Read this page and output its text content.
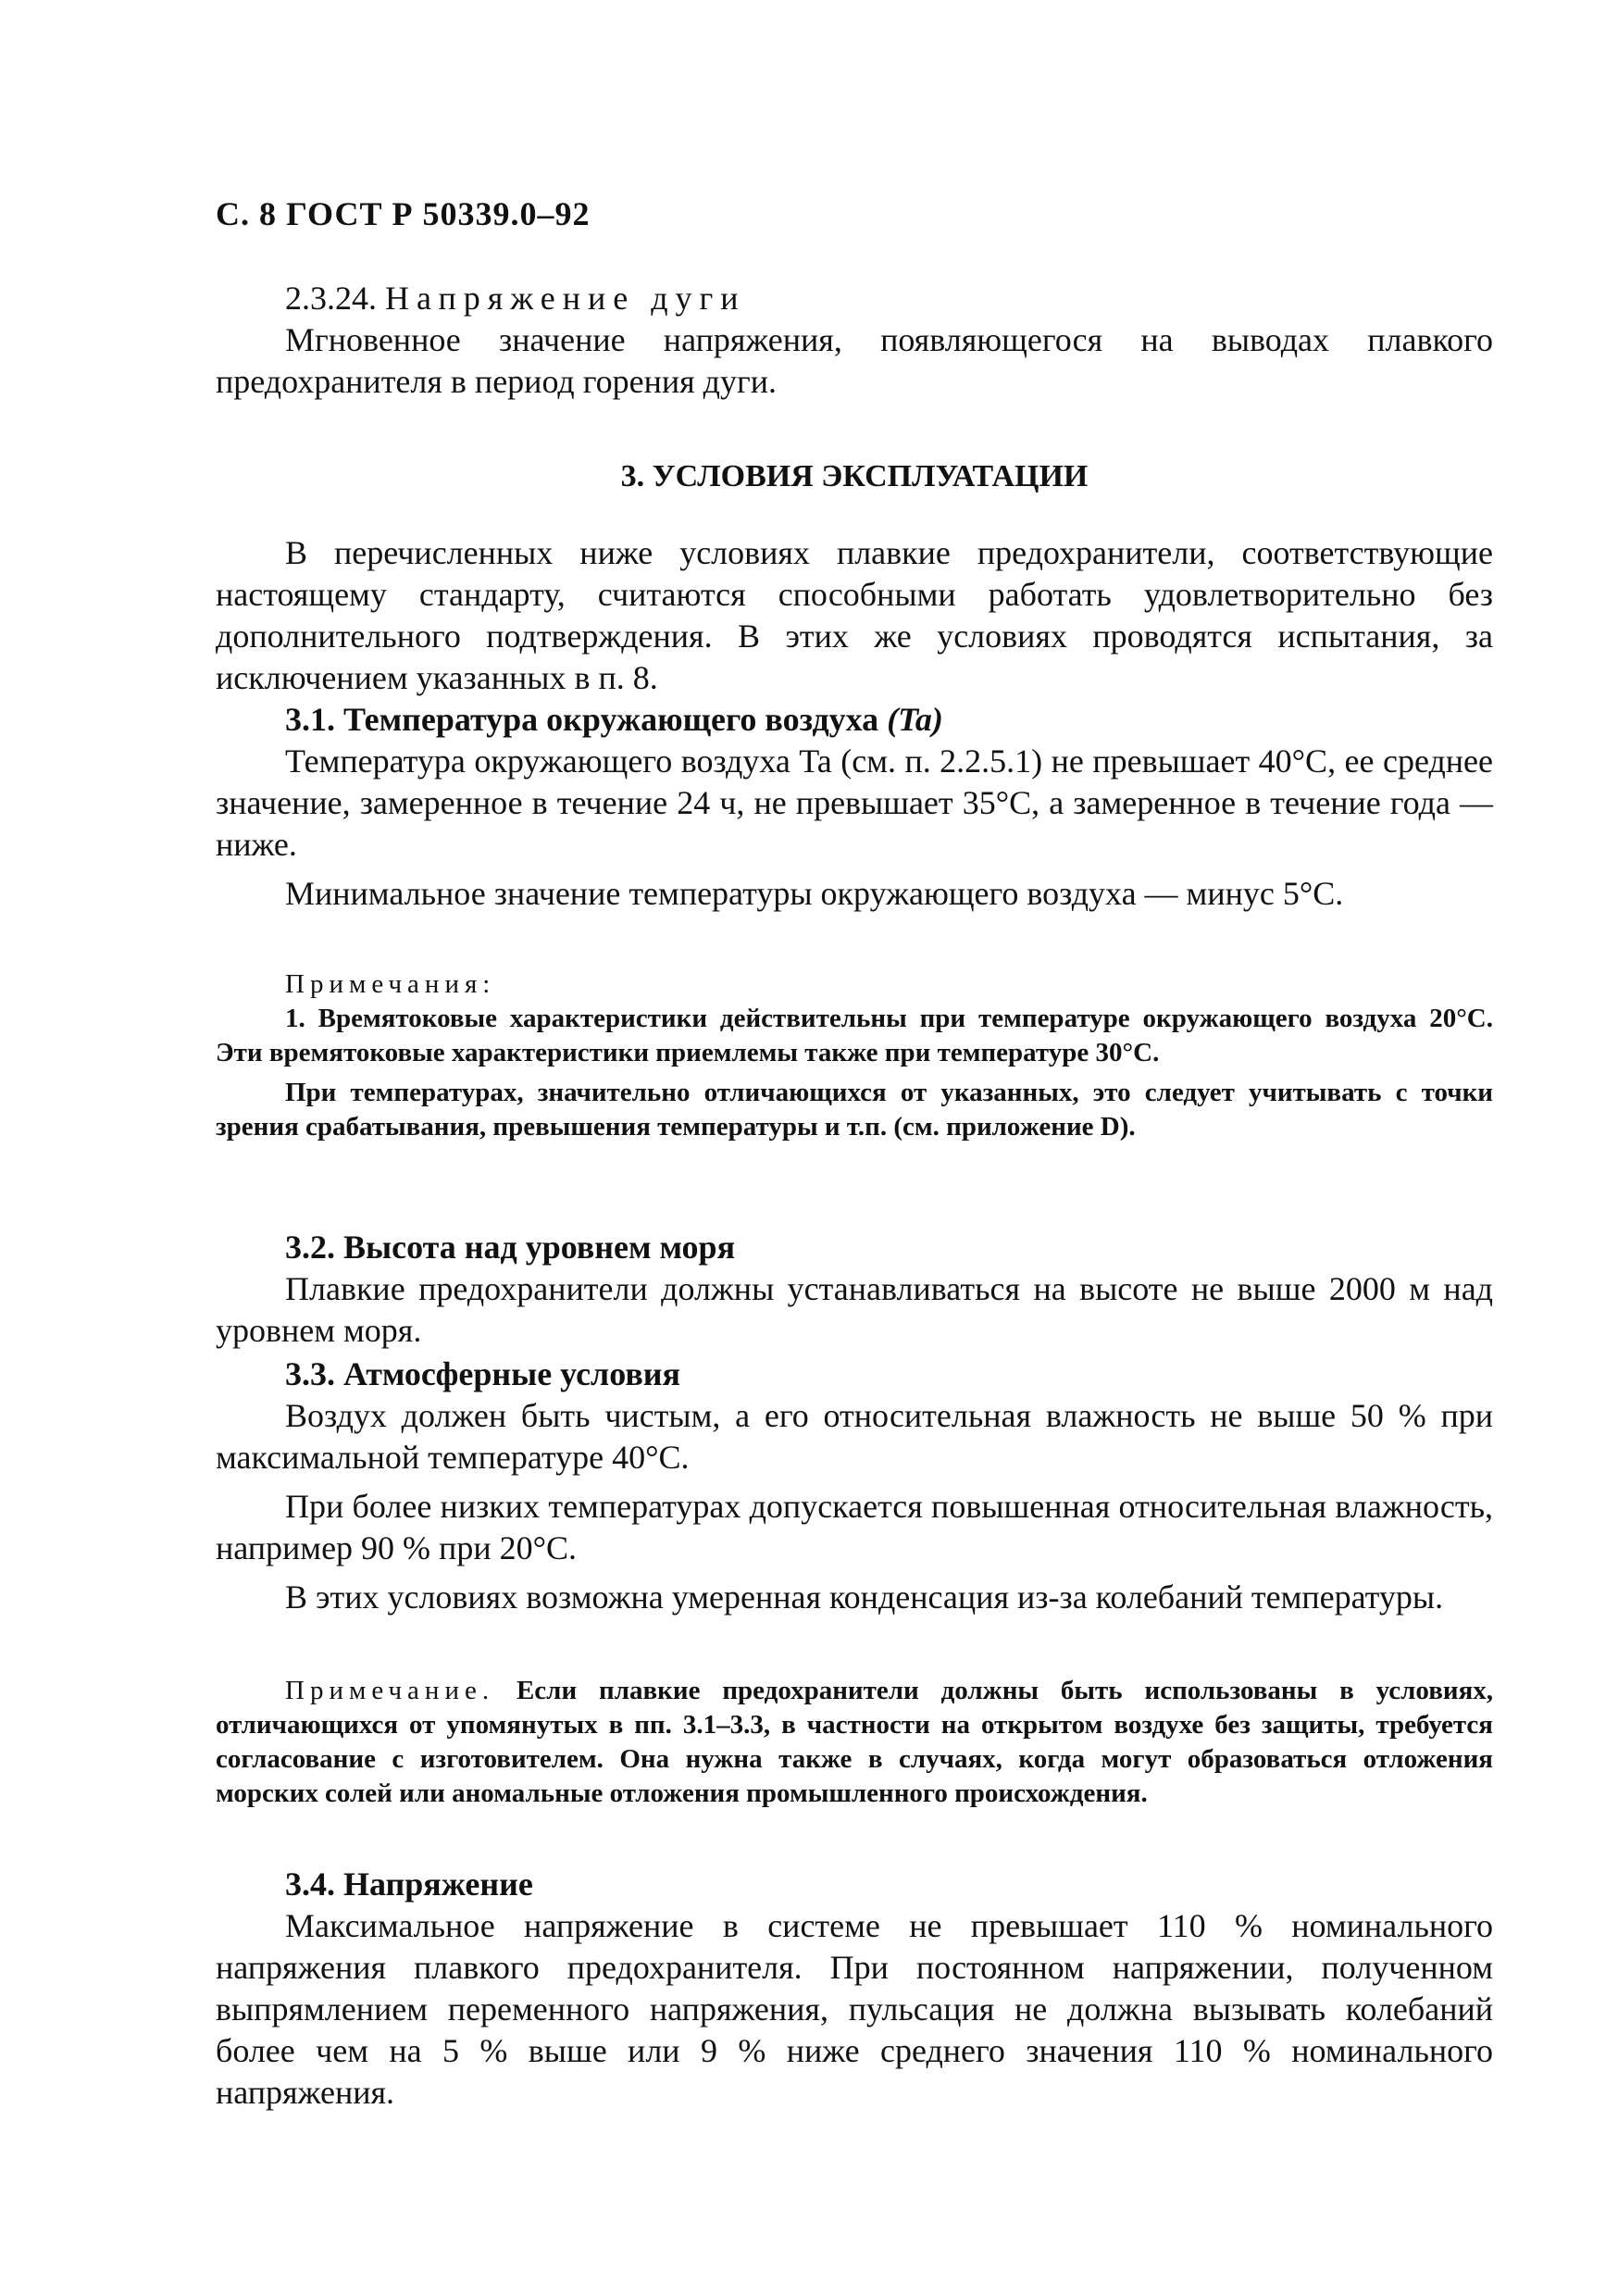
С. 8 ГОСТ Р 50339.0–92

2.3.24. Напряжение дуги

Мгновенное значение напряжения, появляющегося на выводах плавкого предохранителя в период горения дуги.

3. УСЛОВИЯ ЭКСПЛУАТАЦИИ

В перечисленных ниже условиях плавкие предохранители, соответствующие настоящему стандарту, считаются способными работать удовлетворительно без дополнительного подтверждения. В этих же условиях проводятся испытания, за исключением указанных в п. 8.

3.1. Температура окружающего воздуха (Ta)

Температура окружающего воздуха Ta (см. п. 2.2.5.1) не превышает 40°С, ее среднее значение, замеренное в течение 24 ч, не превышает 35°С, а замеренное в течение года — ниже.

Минимальное значение температуры окружающего воздуха — минус 5°С.

Примечания:

1. Времятоковые характеристики действительны при температуре окружающего воздуха 20°С. Эти времятоковые характеристики приемлемы также при температуре 30°С.

При температурах, значительно отличающихся от указанных, это следует учитывать с точки зрения срабатывания, превышения температуры и т.п. (см. приложение D).

3.2. Высота над уровнем моря

Плавкие предохранители должны устанавливаться на высоте не выше 2000 м над уровнем моря.

3.3. Атмосферные условия

Воздух должен быть чистым, а его относительная влажность не выше 50 % при максимальной температуре 40°С.

При более низких температурах допускается повышенная относительная влажность, например 90 % при 20°С.

В этих условиях возможна умеренная конденсация из-за колебаний температуры.

Примечание. Если плавкие предохранители должны быть использованы в условиях, отличающихся от упомянутых в пп. 3.1–3.3, в частности на открытом воздухе без защиты, требуется согласование с изготовителем. Она нужна также в случаях, когда могут образоваться отложения морских солей или аномальные отложения промышленного происхождения.

3.4. Напряжение

Максимальное напряжение в системе не превышает 110 % номинального напряжения плавкого предохранителя. При постоянном напряжении, полученном выпрямлением переменного напряжения, пульсация не должна вызывать колебаний более чем на 5 % выше или 9 % ниже среднего значения 110 % номинального напряжения.
